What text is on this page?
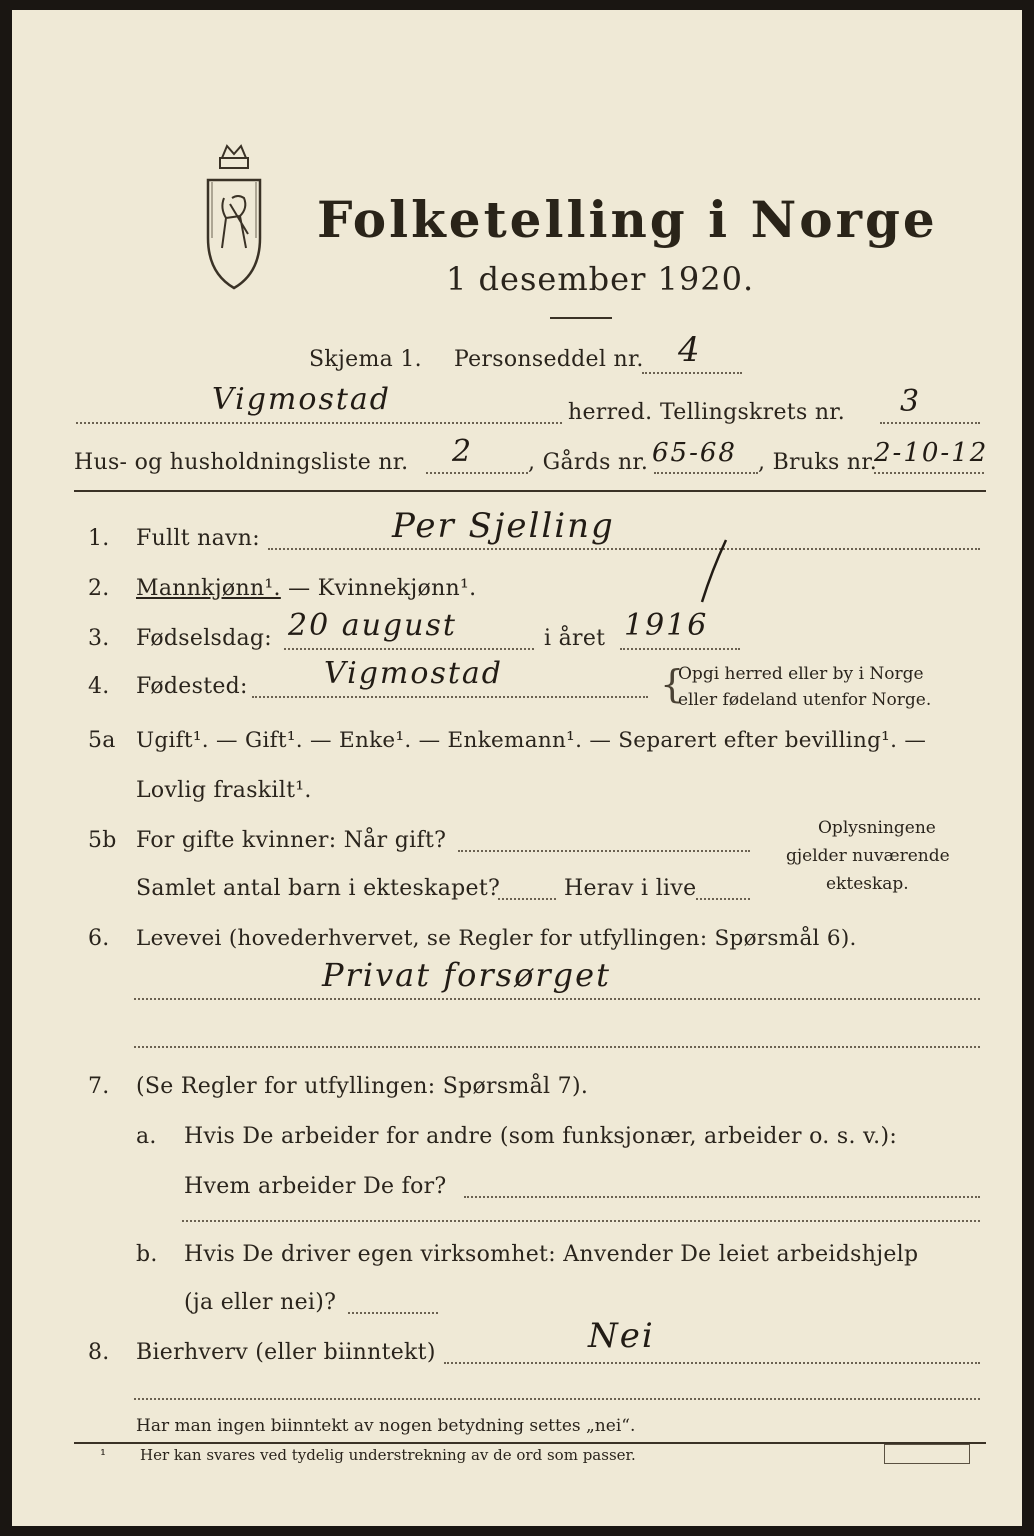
Folketelling i Norge
1 desember 1920.
Skjema 1. Personseddel nr. 4
Vigmostad	herred. Tellingskrets nr. 3
Hus- og husholdningsliste nr. 2 , Gårds nr. 65-68 , Bruks nr.
2-10-12
1. Fullt navn:	Per Sjelling
2. Mannkjønn¹. — Kvinnekjønn¹.
3. Fødselsdag: 20 august	i året 1916
4. Fødested:	Vigmostad	{
Opgi herred eller by i Norge
eller fødeland utenfor Norge.
5a Ugift¹. — Gift¹. — Enke¹. — Enkemann¹. — Separert efter bevilling¹. —
Lovlig fraskilt¹.
5b For gifte kvinner: Når gift?
Samlet antal barn i ekteskapet?	Herav i live
Oplysningene
gjelder nuværende
ekteskap.
6. Levevei (hovederhvervet, se Regler for utfyllingen: Spørsmål 6).
Privat forsørget
7. (Se Regler for utfyllingen: Spørsmål 7).
a. Hvis De arbeider for andre (som funksjonær, arbeider o. s. v.):
Hvem arbeider De for?
b. Hvis De driver egen virksomhet: Anvender De leiet arbeidshjelp
(ja eller nei)?
8. Bierhverv (eller biinntekt)	Nei
Har man ingen biinntekt av nogen betydning settes „nei“.
¹ Her kan svares ved tydelig understrekning av de ord som passer.
